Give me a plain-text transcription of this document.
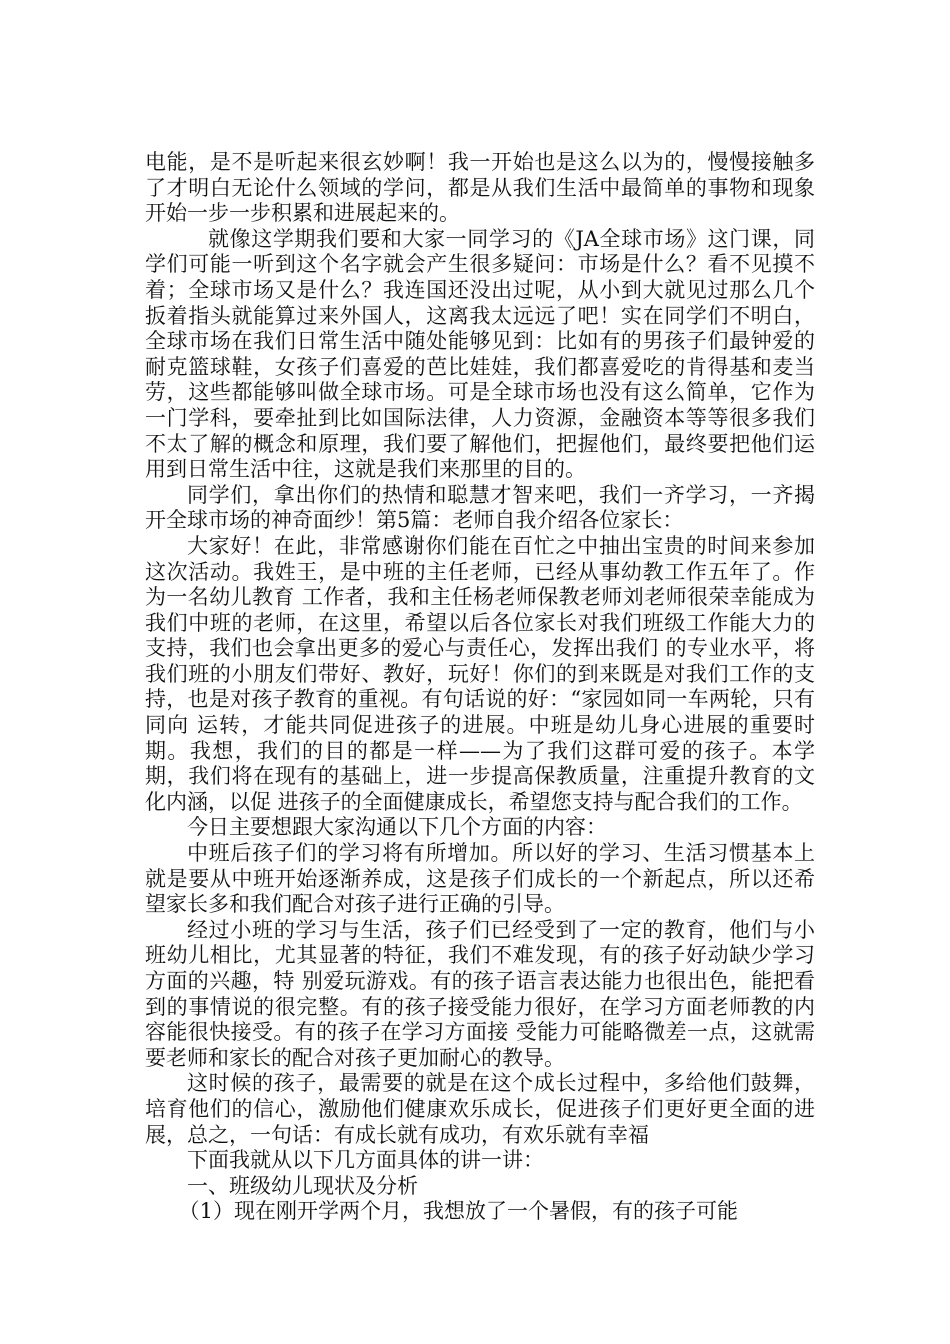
电能，是不是听起来很玄妙啊！我一开始也是这么以为的，慢慢接触多了才明白无论什么领域的学问，都是从我们生活中最简单的事物和现象开始一步一步积累和进展起来的。

就像这学期我们要和大家一同学习的《JA全球市场》这门课，同学们可能一听到这个名字就会产生很多疑问：市场是什么？看不见摸不着；全球市场又是什么？我连国还没出过呢，从小到大就见过那么几个扳着指头就能算过来外国人，这离我太远远了吧！实在同学们不明白，全球市场在我们日常生活中随处能够见到：比如有的男孩子们最钟爱的耐克篮球鞋，女孩子们喜爱的芭比娃娃，我们都喜爱吃的肯得基和麦当劳，这些都能够叫做全球市场。可是全球市场也没有这么简单，它作为一门学科，要牵扯到比如国际法律，人力资源，金融资本等等很多我们不太了解的概念和原理，我们要了解他们，把握他们，最终要把他们运用到日常生活中往，这就是我们来那里的目的。

同学们，拿出你们的热情和聪慧才智来吧，我们一齐学习，一齐揭开全球市场的神奇面纱！第5篇：老师自我介绍各位家长：

大家好！在此，非常感谢你们能在百忙之中抽出宝贵的时间来参加这次活动。我姓王，是中班的主任老师，已经从事幼教工作五年了。作为一名幼儿教育 工作者，我和主任杨老师保教老师刘老师很荣幸能成为我们中班的老师，在这里，希望以后各位家长对我们班级工作能大力的支持，我们也会拿出更多的爱心与责任心，发挥出我们 的专业水平，将我们班的小朋友们带好、教好，玩好！你们的到来既是对我们工作的支持，也是对孩子教育的重视。有句话说的好：“家园如同一车两轮，只有同向 运转，才能共同促进孩子的进展。中班是幼儿身心进展的重要时期。我想，我们的目的都是一样——为了我们这群可爱的孩子。本学期，我们将在现有的基础上，进一步提高保教质量，注重提升教育的文化内涵，以促 进孩子的全面健康成长，希望您支持与配合我们的工作。

今日主要想跟大家沟通以下几个方面的内容：

中班后孩子们的学习将有所增加。所以好的学习、生活习惯基本上就是要从中班开始逐渐养成，这是孩子们成长的一个新起点，所以还希望家长多和我们配合对孩子进行正确的引导。

经过小班的学习与生活，孩子们已经受到了一定的教育，他们与小班幼儿相比，尤其显著的特征，我们不难发现，有的孩子好动缺少学习方面的兴趣，特 别爱玩游戏。有的孩子语言表达能力也很出色，能把看到的事情说的很完整。有的孩子接受能力很好，在学习方面老师教的内容能很快接受。有的孩子在学习方面接 受能力可能略微差一点，这就需要老师和家长的配合对孩子更加耐心的教导。

这时候的孩子，最需要的就是在这个成长过程中，多给他们鼓舞，培育他们的信心，激励他们健康欢乐成长，促进孩子们更好更全面的进展，总之，一句话：有成长就有成功，有欢乐就有幸福

下面我就从以下几方面具体的讲一讲：

一、班级幼儿现状及分析

（1）现在刚开学两个月，我想放了一个暑假，有的孩子可能
